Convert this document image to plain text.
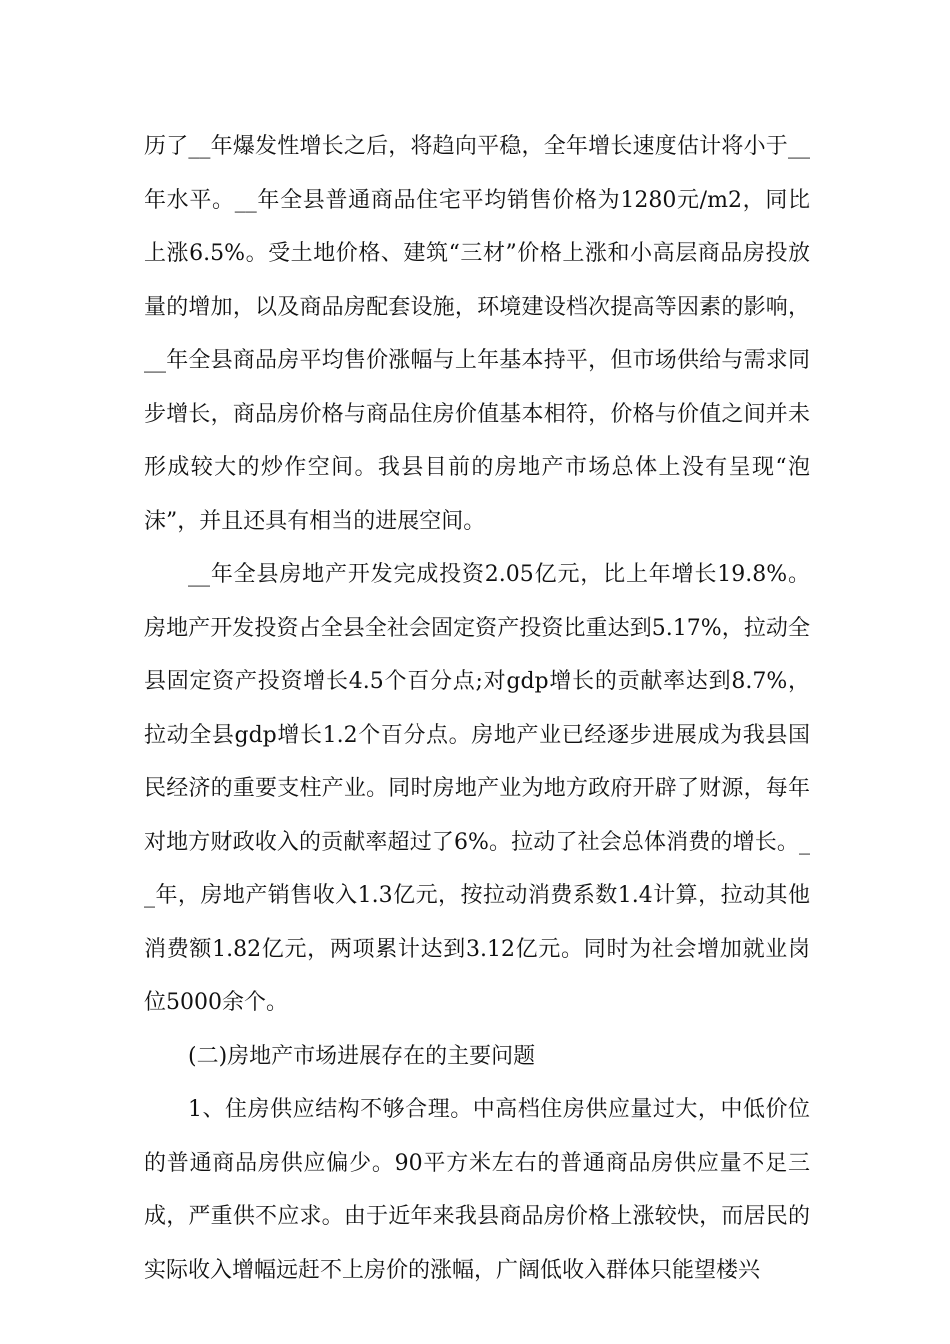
历了__年爆发性增长之后，将趋向平稳，全年增长速度估计将小于__年水平。__年全县普通商品住宅平均销售价格为1280元/m2，同比上涨6.5%。受土地价格、建筑“三材”价格上涨和小高层商品房投放量的增加，以及商品房配套设施，环境建设档次提高等因素的影响，__年全县商品房平均售价涨幅与上年基本持平，但市场供给与需求同步增长，商品房价格与商品住房价值基本相符，价格与价值之间并未形成较大的炒作空间。我县目前的房地产市场总体上没有呈现“泡沫”，并且还具有相当的进展空间。

__年全县房地产开发完成投资2.05亿元，比上年增长19.8%。房地产开发投资占全县全社会固定资产投资比重达到5.17%，拉动全县固定资产投资增长4.5个百分点;对gdp增长的贡献率达到8.7%，拉动全县gdp增长1.2个百分点。房地产业已经逐步进展成为我县国民经济的重要支柱产业。同时房地产业为地方政府开辟了财源，每年对地方财政收入的贡献率超过了6%。拉动了社会总体消费的增长。__年，房地产销售收入1.3亿元，按拉动消费系数1.4计算，拉动其他消费额1.82亿元，两项累计达到3.12亿元。同时为社会增加就业岗位5000余个。

(二)房地产市场进展存在的主要问题

1、住房供应结构不够合理。中高档住房供应量过大，中低价位的普通商品房供应偏少。90平方米左右的普通商品房供应量不足三成，严重供不应求。由于近年来我县商品房价格上涨较快，而居民的实际收入增幅远赶不上房价的涨幅，广阔低收入群体只能望楼兴
